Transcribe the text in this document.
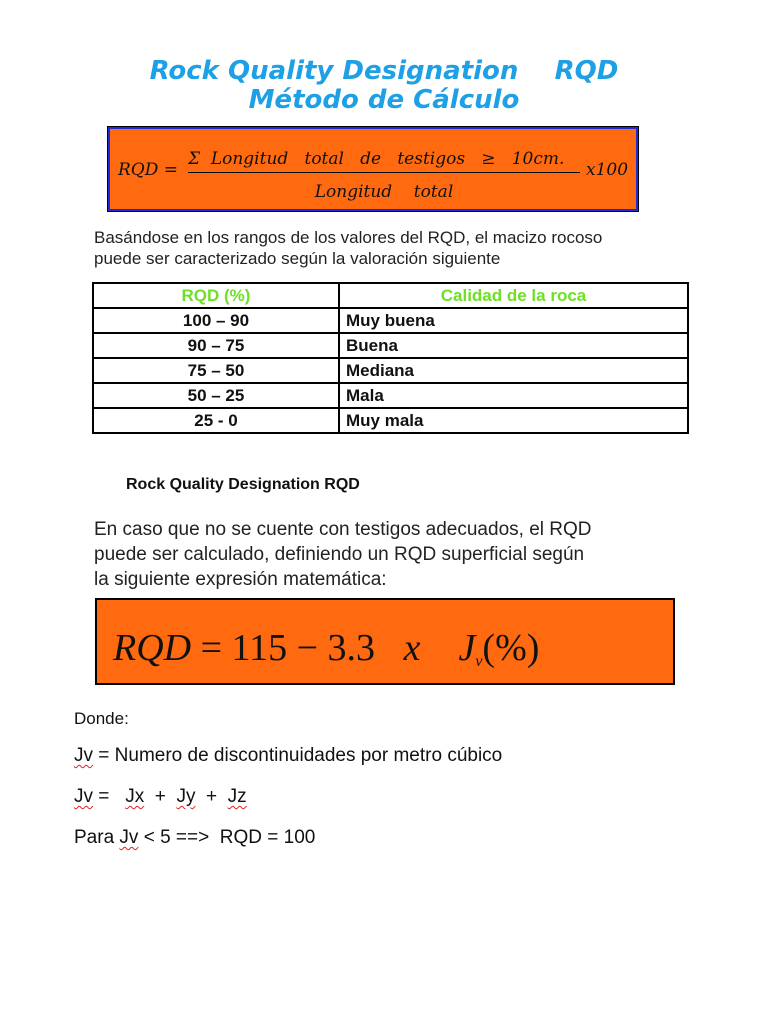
Rock Quality Designation    RQD
Método de Cálculo
RQD =
Σ  Longitud   total   de   testigos   ≥   10cm.
Longitud    total
x100
Basándose en los rangos de los valores del RQD, el macizo rocoso
puede ser caracterizado según la valoración siguiente
RQD (%)	Calidad de la roca
100 – 90	Muy buena
90 – 75	Buena
75 – 50	Mediana
50 – 25	Mala
25 - 0	Muy mala
Rock Quality Designation RQD
En caso que no se cuente con testigos adecuados, el RQD
puede ser calculado, definiendo un RQD superficial según
la siguiente expresión matemática:
RQD = 115 − 3.3   x $J_v(\%)$
Donde:
Jv = Numero de discontinuidades por metro cúbico
Jv =   Jx  +  Jy  +  Jz
Para Jv < 5 ==>  RQD = 100
